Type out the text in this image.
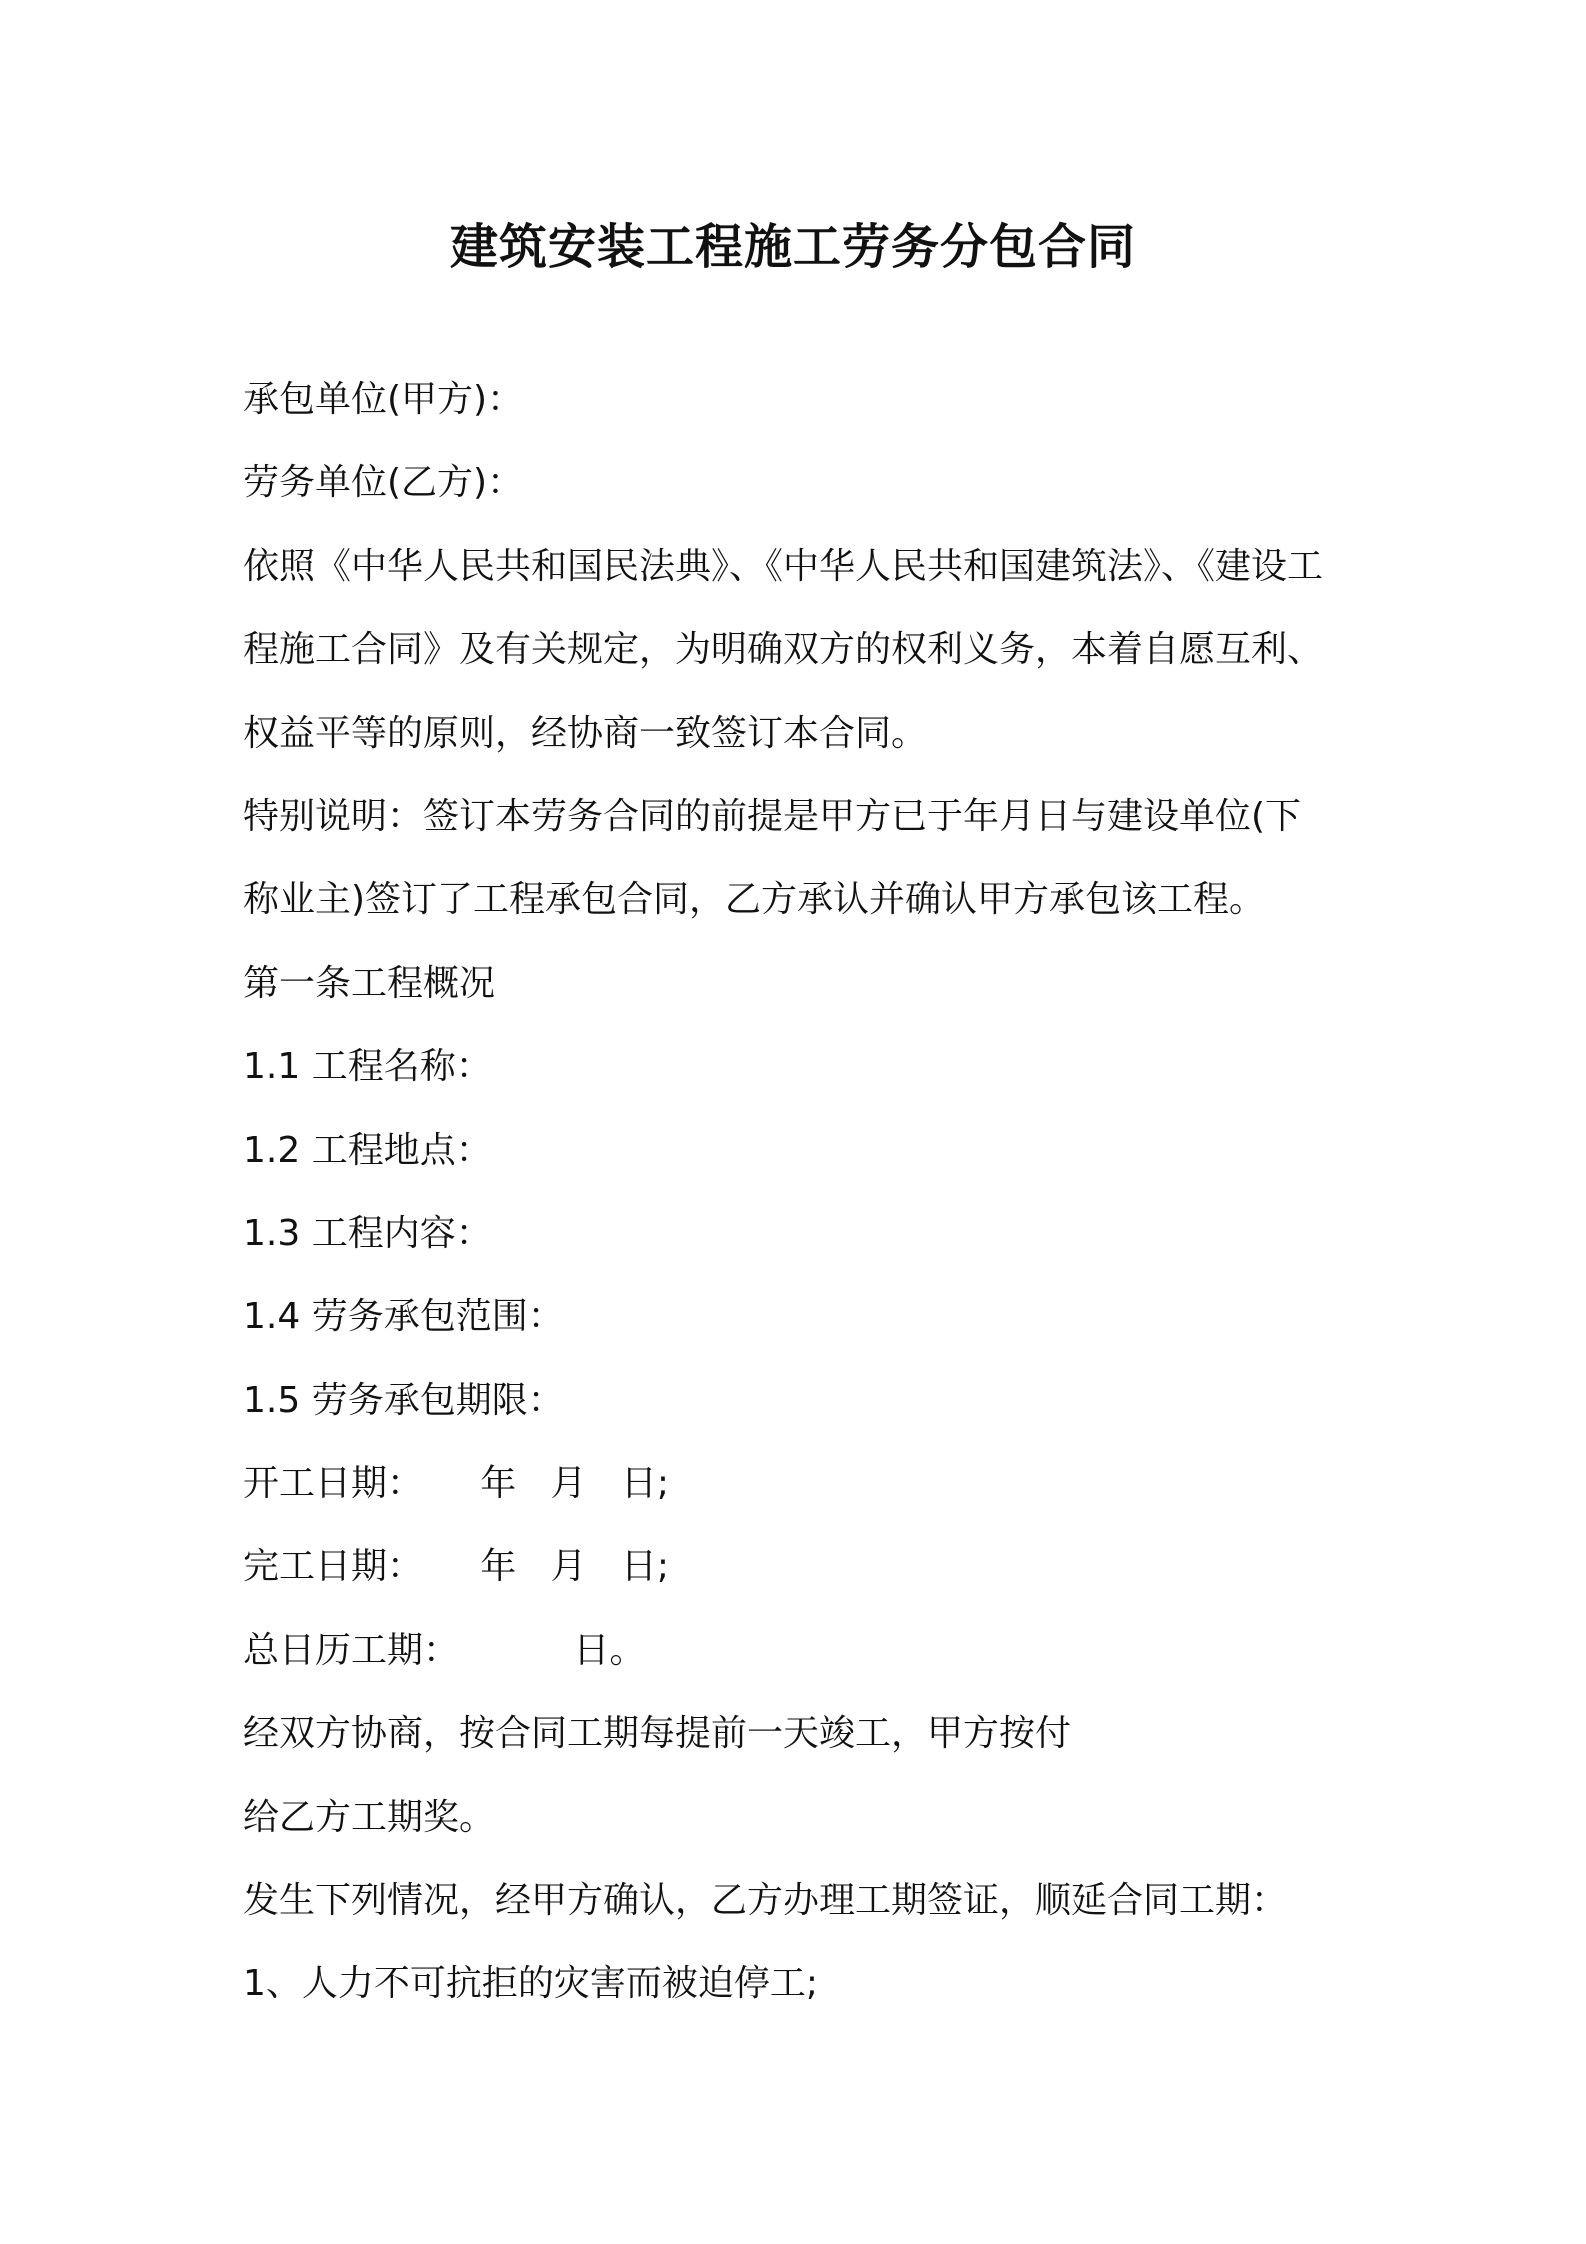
建筑安装工程施工劳务分包合同

承包单位(甲方)：

劳务单位(乙方)：

依照《中华人民共和国民法典》、《中华人民共和国建筑法》、《建设工

程施工合同》及有关规定，为明确双方的权利义务，本着自愿互利、

权益平等的原则，经协商一致签订本合同。

特别说明：签订本劳务合同的前提是甲方已于年月日与建设单位(下

称业主)签订了工程承包合同，乙方承认并确认甲方承包该工程。

第一条工程概况

1.1 工程名称：

1.2 工程地点：

1.3 工程内容：

1.4 劳务承包范围：

1.5 劳务承包期限：

开工日期：     年   月   日;

完工日期：     年   月   日;

总日历工期：          日。

经双方协商，按合同工期每提前一天竣工，甲方按付

给乙方工期奖。

发生下列情况，经甲方确认，乙方办理工期签证，顺延合同工期：

1、人力不可抗拒的灾害而被迫停工;
